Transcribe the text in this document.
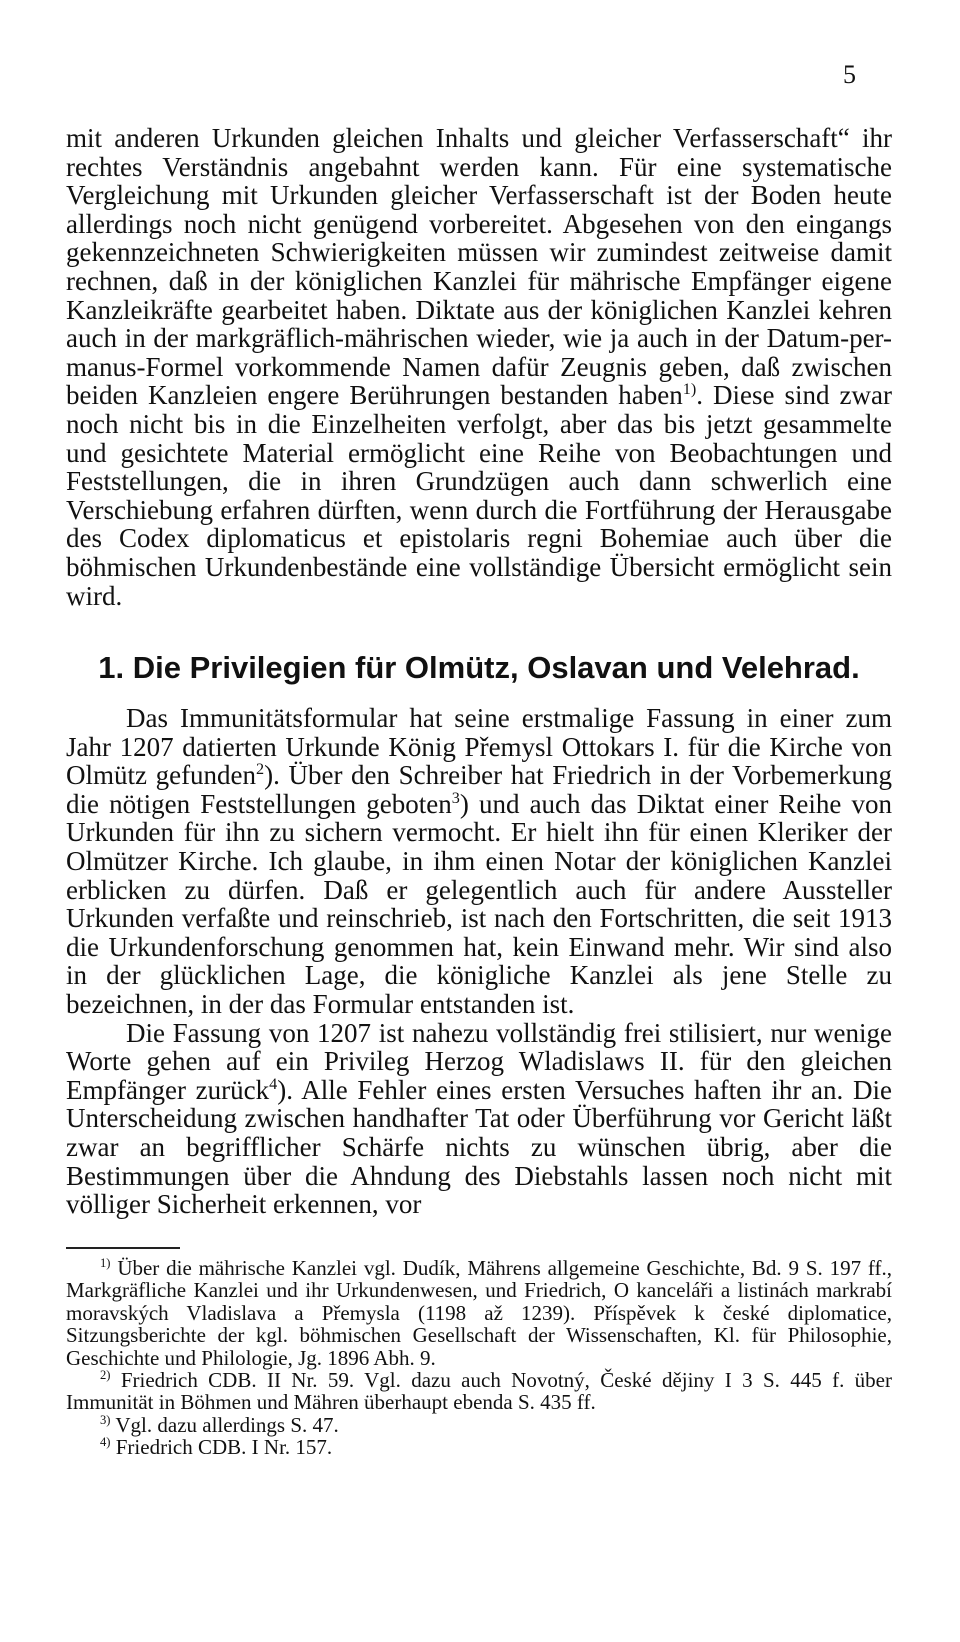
5

mit anderen Urkunden gleichen Inhalts und gleicher Verfasserschaft“ ihr rechtes Verständnis angebahnt werden kann. Für eine systematische Vergleichung mit Urkunden gleicher Verfasserschaft ist der Boden heute allerdings noch nicht genügend vorbereitet. Abgesehen von den eingangs gekennzeichneten Schwierigkeiten müssen wir zumindest zeitweise damit rechnen, daß in der königlichen Kanzlei für mährische Empfänger eigene Kanzleikräfte gearbeitet haben. Diktate aus der königlichen Kanzlei kehren auch in der markgräflich-mährischen wieder, wie ja auch in der Datum-per-manus-Formel vorkommende Namen dafür Zeugnis geben, daß zwischen beiden Kanzleien engere Berührungen bestanden haben$^{1)}$. Diese sind zwar noch nicht bis in die Einzelheiten verfolgt, aber das bis jetzt gesammelte und gesichtete Material ermöglicht eine Reihe von Beobachtungen und Feststellungen, die in ihren Grundzügen auch dann schwerlich eine Verschiebung erfahren dürften, wenn durch die Fortführung der Herausgabe des Codex diplomaticus et epistolaris regni Bohemiae auch über die böhmischen Urkundenbestände eine vollständige Übersicht ermöglicht sein wird.

1. Die Privilegien für Olmütz, Oslavan und Velehrad.

Das Immunitätsformular hat seine erstmalige Fassung in einer zum Jahr 1207 datierten Urkunde König Přemysl Ottokars I. für die Kirche von Olmütz gefunden$^2$). Über den Schreiber hat Friedrich in der Vorbemerkung die nötigen Feststellungen geboten$^3$) und auch das Diktat einer Reihe von Urkunden für ihn zu sichern vermocht. Er hielt ihn für einen Kleriker der Olmützer Kirche. Ich glaube, in ihm einen Notar der königlichen Kanzlei erblicken zu dürfen. Daß er gelegentlich auch für andere Aussteller Urkunden verfaßte und reinschrieb, ist nach den Fortschritten, die seit 1913 die Urkundenforschung genommen hat, kein Einwand mehr. Wir sind also in der glücklichen Lage, die königliche Kanzlei als jene Stelle zu bezeichnen, in der das Formular entstanden ist.

Die Fassung von 1207 ist nahezu vollständig frei stilisiert, nur wenige Worte gehen auf ein Privileg Herzog Wladislaws II. für den gleichen Empfänger zurück$^4$). Alle Fehler eines ersten Versuches haften ihr an. Die Unterscheidung zwischen handhafter Tat oder Überführung vor Gericht läßt zwar an begrifflicher Schärfe nichts zu wünschen übrig, aber die Bestimmungen über die Ahndung des Diebstahls lassen noch nicht mit völliger Sicherheit erkennen, vor

$^{1)}$ Über die mährische Kanzlei vgl. Dudík, Mährens allgemeine Geschichte, Bd. 9 S. 197 ff., Markgräfliche Kanzlei und ihr Urkundenwesen, und Friedrich, O kanceláři a listinách markrabí moravských Vladislava a Přemysla (1198 až 1239). Příspěvek k české diplomatice, Sitzungsberichte der kgl. böhmischen Gesellschaft der Wissenschaften, Kl. für Philosophie, Geschichte und Philologie, Jg. 1896 Abh. 9.

$^{2)}$ Friedrich CDB. II Nr. 59. Vgl. dazu auch Novotný, České dějiny I 3 S. 445 f. über Immunität in Böhmen und Mähren überhaupt ebenda S. 435 ff.

$^{3)}$ Vgl. dazu allerdings S. 47.

$^{4)}$ Friedrich CDB. I Nr. 157.
